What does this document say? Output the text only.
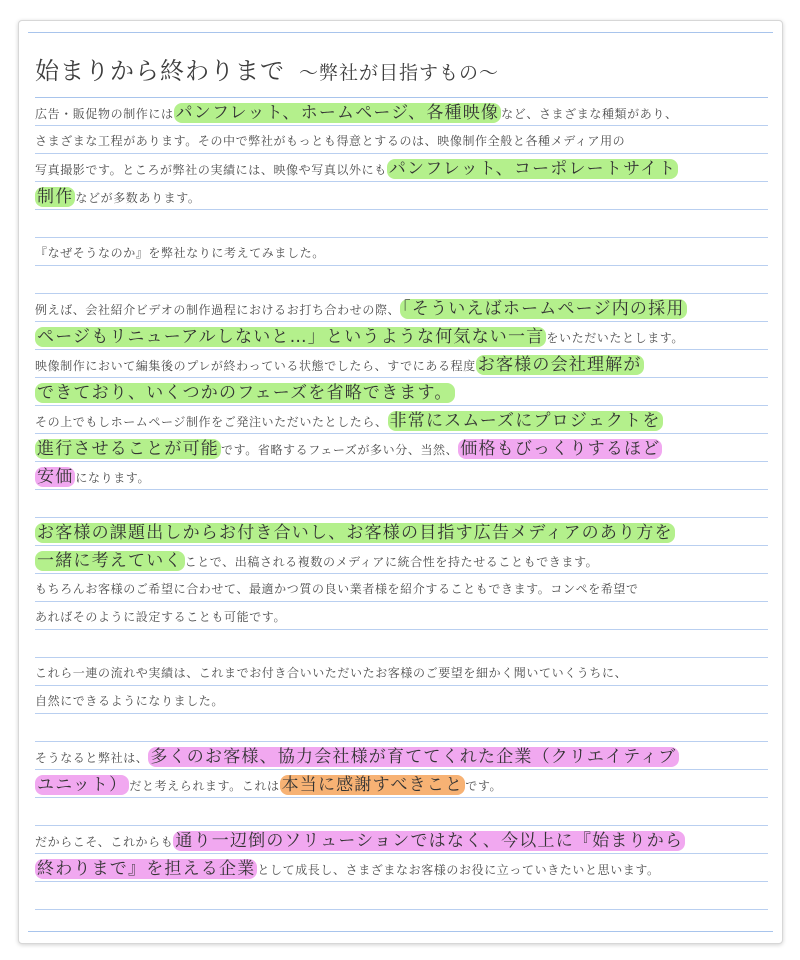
始まりから終わりまで ～弊社が目指すもの～
広告・販促物の制作には パンフレット、ホームページ、各種映像 など、さまざまな種類があり、
さまざまな工程があります。その中で弊社がもっとも得意とするのは、映像制作全般と各種メディア用の
写真撮影です。ところが弊社の実績には、映像や写真以外にも パンフレット、コーポレートサイト
制作 などが多数あります。
『なぜそうなのか』を弊社なりに考えてみました。
例えば、会社紹介ビデオの制作過程におけるお打ち合わせの際、 「そういえばホームページ内の採用
ページもリニューアルしないと…」というような何気ない一言 をいただいたとします。
映像制作において編集後のプレが終わっている状態でしたら、すでにある程度 お客様の会社理解が
できており、いくつかのフェーズを省略できます。
その上でもしホームページ制作をご発注いただいたとしたら、 非常にスムーズにプロジェクトを
進行させることが可能 です。省略するフェーズが多い分、当然、 価格もびっくりするほど
安価 になります。
お客様の課題出しからお付き合いし、お客様の目指す広告メディアのあり方を
一緒に考えていく ことで、出稿される複数のメディアに統合性を持たせることもできます。
もちろんお客様のご希望に合わせて、最適かつ質の良い業者様を紹介することもできます。コンペを希望で
あればそのように設定することも可能です。
これら一連の流れや実績は、これまでお付き合いいただいたお客様のご要望を細かく聞いていくうちに、
自然にできるようになりました。
そうなると弊社は、 多くのお客様、協力会社様が育ててくれた企業（クリエイティブ
ユニット） だと考えられます。これは 本当に感謝すべきこと です。
だからこそ、これからも 通り一辺倒のソリューションではなく、今以上に『始まりから
終わりまで』を担える企業 として成長し、さまざまなお客様のお役に立っていきたいと思います。
